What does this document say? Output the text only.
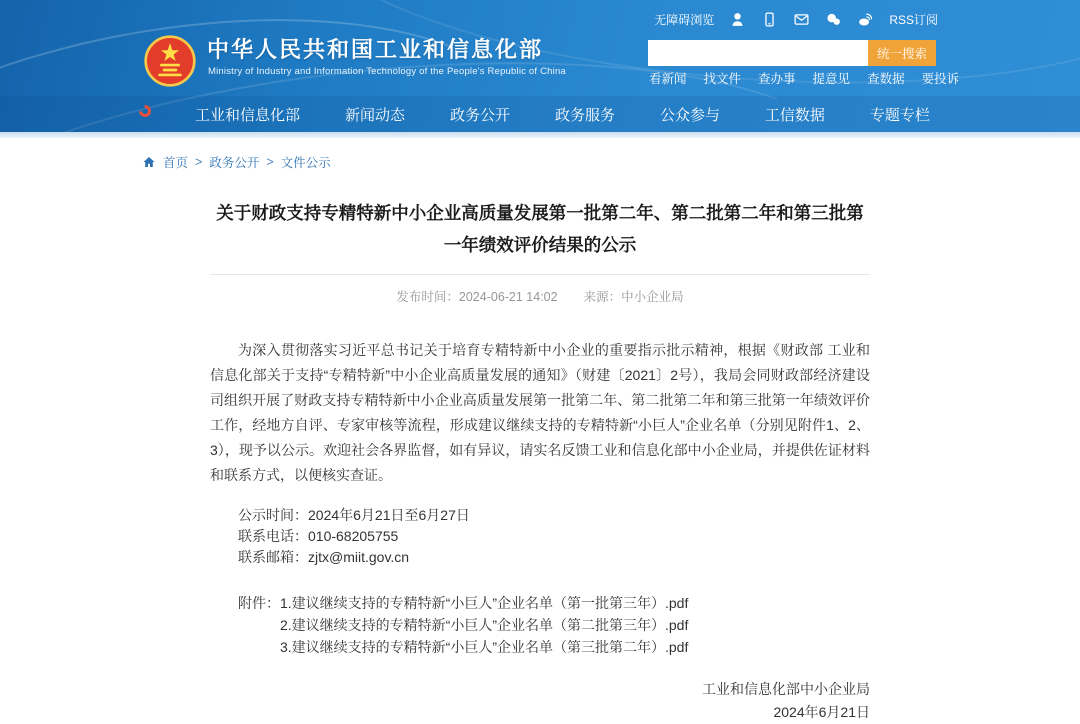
中华人民共和国工业和信息化部
Ministry of Industry and Information Technology of the People's Republic of China
无障碍浏览	RSS订阅
统一搜索
看新闻 找文件 查办事 提意见 查数据 要投诉
工业和信息化部	新闻动态	政务公开	政务服务	公众参与	工信数据	专题专栏
首页 > 政务公开 > 文件公示
关于财政支持专精特新中小企业高质量发展第一批第二年、第二批第二年和第三批第一年绩效评价结果的公示
发布时间：2024-06-21 14:02 来源：中小企业局
为深入贯彻落实习近平总书记关于培育专精特新中小企业的重要指示批示精神，根据《财政部 工业和信息化部关于支持“专精特新”中小企业高质量发展的通知》（财建〔2021〕2号），我局会同财政部经济建设司组织开展了财政支持专精特新中小企业高质量发展第一批第二年、第二批第二年和第三批第一年绩效评价工作，经地方自评、专家审核等流程，形成建议继续支持的专精特新“小巨人”企业名单（分别见附件1、2、3），现予以公示。欢迎社会各界监督，如有异议，请实名反馈工业和信息化部中小企业局，并提供佐证材料和联系方式，以便核实查证。
公示时间：2024年6月21日至6月27日
联系电话：010-68205755
联系邮箱：zjtx@miit.gov.cn
附件： 1.建议继续支持的专精特新“小巨人”企业名单（第一批第三年）.pdf
2.建议继续支持的专精特新“小巨人”企业名单（第二批第三年）.pdf
3.建议继续支持的专精特新“小巨人”企业名单（第三批第二年）.pdf
工业和信息化部中小企业局
2024年6月21日
